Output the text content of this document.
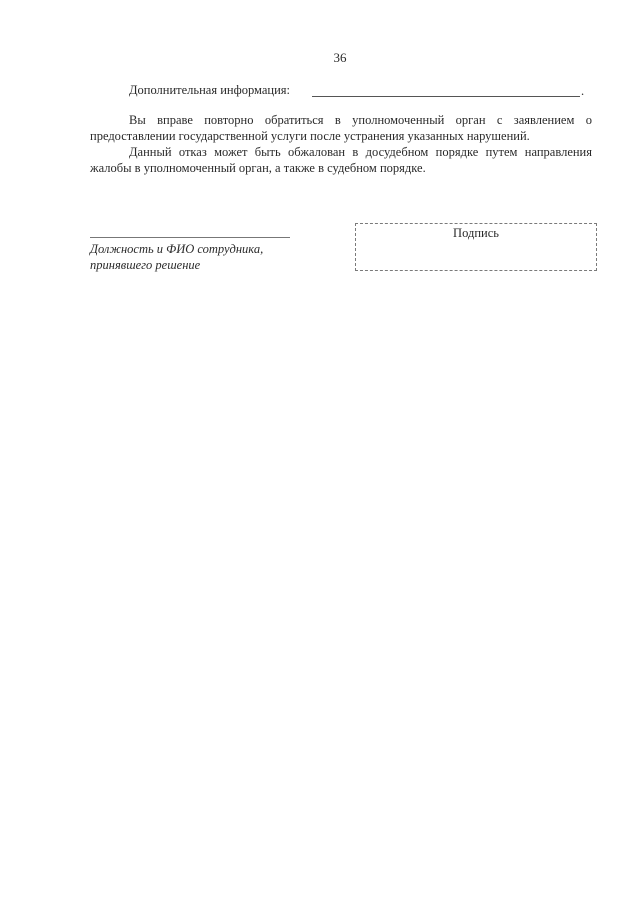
36
Дополнительная информация:	.
Вы вправе повторно обратиться в уполномоченный орган с заявлением о предоставлении государственной услуги после устранения указанных нарушений.
Данный отказ может быть обжалован в досудебном порядке путем направления жалобы в уполномоченный орган, а также в судебном порядке.
Должность и ФИО сотрудника,
принявшего решение
Подпись
